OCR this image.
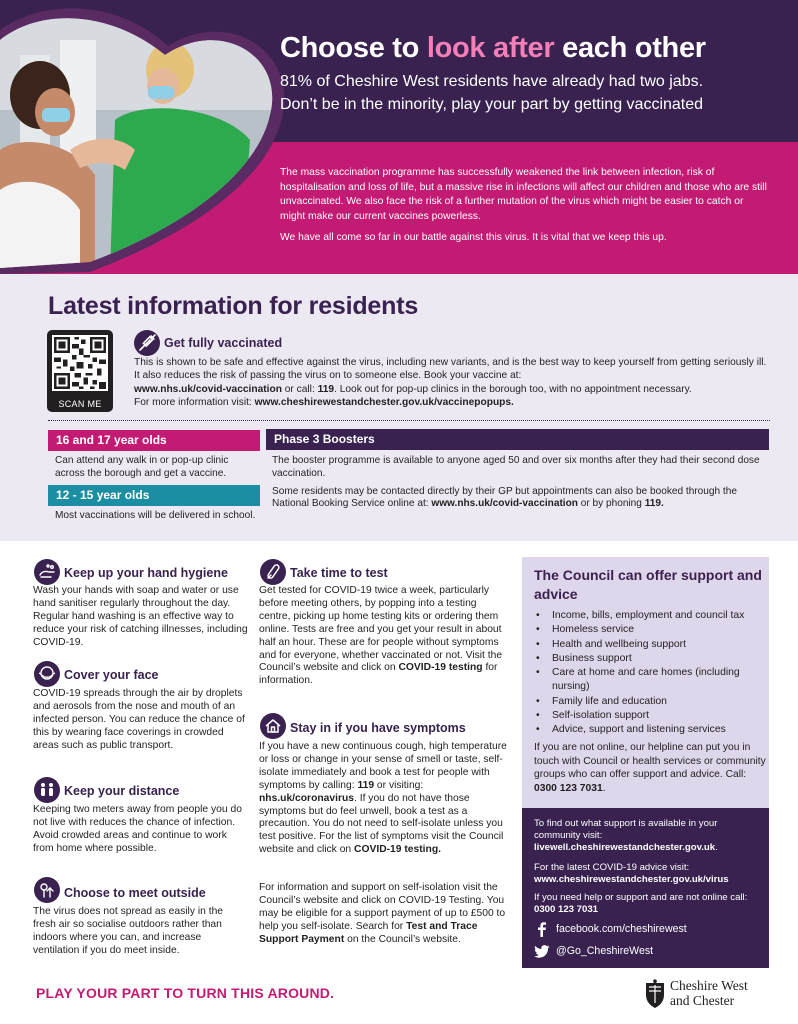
Choose to look after each other
81% of Cheshire West residents have already had two jabs.
Don’t be in the minority, play your part by getting vaccinated

The mass vaccination programme has successfully weakened the link between infection, risk of hospitalisation and loss of life, but a massive rise in infections will affect our children and those who are still unvaccinated. We also face the risk of a further mutation of the virus which might be easier to catch or might make our current vaccines powerless.

We have all come so far in our battle against this virus. It is vital that we keep this up.

Latest information for residents
SCAN ME
Get fully vaccinated

This is shown to be safe and effective against the virus, including new variants, and is the best way to keep yourself from getting seriously ill. It also reduces the risk of passing the virus on to someone else. Book your vaccine at:

www.nhs.uk/covid-vaccination or call: 119. Look out for pop-up clinics in the borough too, with no appointment necessary.

For more information visit: www.cheshirewestandchester.gov.uk/vaccinepopups.

16 and 17 year olds
Can attend any walk in or pop-up clinic across the borough and get a vaccine.
12 - 15 year olds
Most vaccinations will be delivered in school.
Phase 3 Boosters

The booster programme is available to anyone aged 50 and over six months after they had their second dose vaccination.

Some residents may be contacted directly by their GP but appointments can also be booked through the National Booking Service online at: www.nhs.uk/covid-vaccination or by phoning 119.

Keep up your hand hygiene
Wash your hands with soap and water or use hand sanitiser regularly throughout the day. Regular hand washing is an effective way to reduce your risk of catching illnesses, including COVID-19.
Cover your face
COVID-19 spreads through the air by droplets and aerosols from the nose and mouth of an infected person. You can reduce the chance of this by wearing face coverings in crowded areas such as public transport.
Keep your distance
Keeping two meters away from people you do not live with reduces the chance of infection. Avoid crowded areas and continue to work from home where possible.
Choose to meet outside
The virus does not spread as easily in the fresh air so socialise outdoors rather than indoors where you can, and increase ventilation if you do meet inside.
Take time to test
Get tested for COVID-19 twice a week, particularly before meeting others, by popping into a testing centre, picking up home testing kits or ordering them online. Tests are free and you get your result in about half an hour. These are for people without symptoms and for everyone, whether vaccinated or not. Visit the Council’s website and click on COVID-19 testing for information.
Stay in if you have symptoms
If you have a new continuous cough, high temperature or loss or change in your sense of smell or taste, self-isolate immediately and book a test for people with symptoms by calling: 119 or visiting: nhs.uk/coronavirus. If you do not have those symptoms but do feel unwell, book a test as a precaution. You do not need to self-isolate unless you test positive. For the list of symptoms visit the Council website and click on COVID-19 testing.
For information and support on self-isolation visit the Council’s website and click on COVID-19 Testing. You may be eligible for a support payment of up to £500 to help you self-isolate. Search for Test and Trace Support Payment on the Council’s website.
The Council can offer support and advice
• Income, bills, employment and council tax
• Homeless service
• Health and wellbeing support
• Business support
• Care at home and care homes (including nursing)
• Family life and education
• Self-isolation support
• Advice, support and listening services
If you are not online, our helpline can put you in touch with Council or health services or community groups who can offer support and advice. Call: 0300 123 7031.
To find out what support is available in your community visit:
livewell.cheshirewestandchester.gov.uk.
For the latest COVID-19 advice visit:
www.cheshirewestandchester.gov.uk/virus
If you need help or support and are not online call: 0300 123 7031
facebook.com/cheshirewest
@Go_CheshireWest
PLAY YOUR PART TO TURN THIS AROUND.	Cheshire West
and Chester
